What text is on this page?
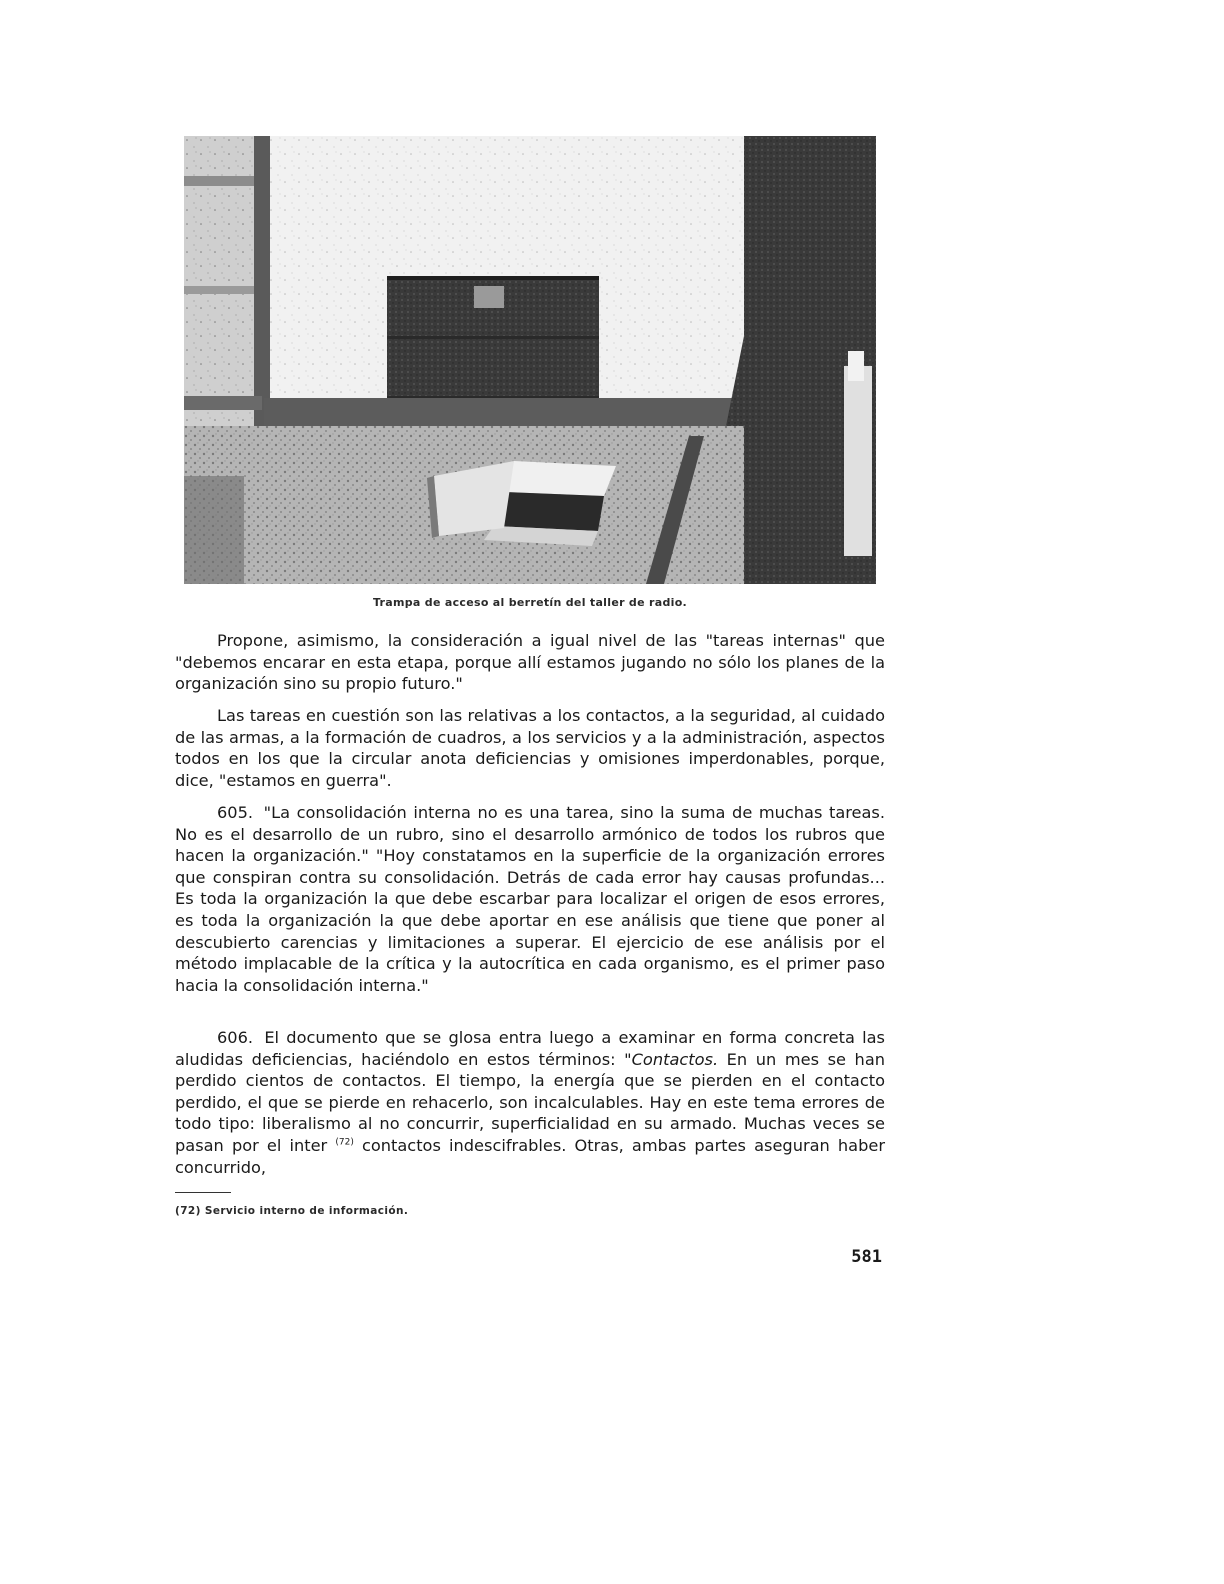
Trampa de acceso al berretín del taller de radio.

Propone, asimismo, la consideración a igual nivel de las "tareas internas" que "debemos encarar en esta etapa, porque allí estamos jugando no sólo los planes de la organización sino su propio futuro."

Las tareas en cuestión son las relativas a los contactos, a la seguridad, al cuidado de las armas, a la formación de cuadros, a los servicios y a la administración, aspectos todos en los que la circular anota deficiencias y omisiones imperdonables, porque, dice, "estamos en guerra".

605. "La consolidación interna no es una tarea, sino la suma de muchas tareas. No es el desarrollo de un rubro, sino el desarrollo armónico de todos los rubros que hacen la organización." "Hoy constatamos en la superficie de la organización errores que conspiran contra su consolidación. Detrás de cada error hay causas profundas... Es toda la organización la que debe escarbar para localizar el origen de esos errores, es toda la organización la que debe aportar en ese análisis que tiene que poner al descubierto carencias y limitaciones a superar. El ejercicio de ese análisis por el método implacable de la crítica y la autocrítica en cada organismo, es el primer paso hacia la consolidación interna."

606. El documento que se glosa entra luego a examinar en forma concreta las aludidas deficiencias, haciéndolo en estos términos: "Contactos. En un mes se han perdido cientos de contactos. El tiempo, la energía que se pierden en el contacto perdido, el que se pierde en rehacerlo, son incalculables. Hay en este tema errores de todo tipo: liberalismo al no concurrir, superficialidad en su armado. Muchas veces se pasan por el inter $^{(72)}$ contactos indescifrables. Otras, ambas partes aseguran haber concurrido,

(72) Servicio interno de información.
581
